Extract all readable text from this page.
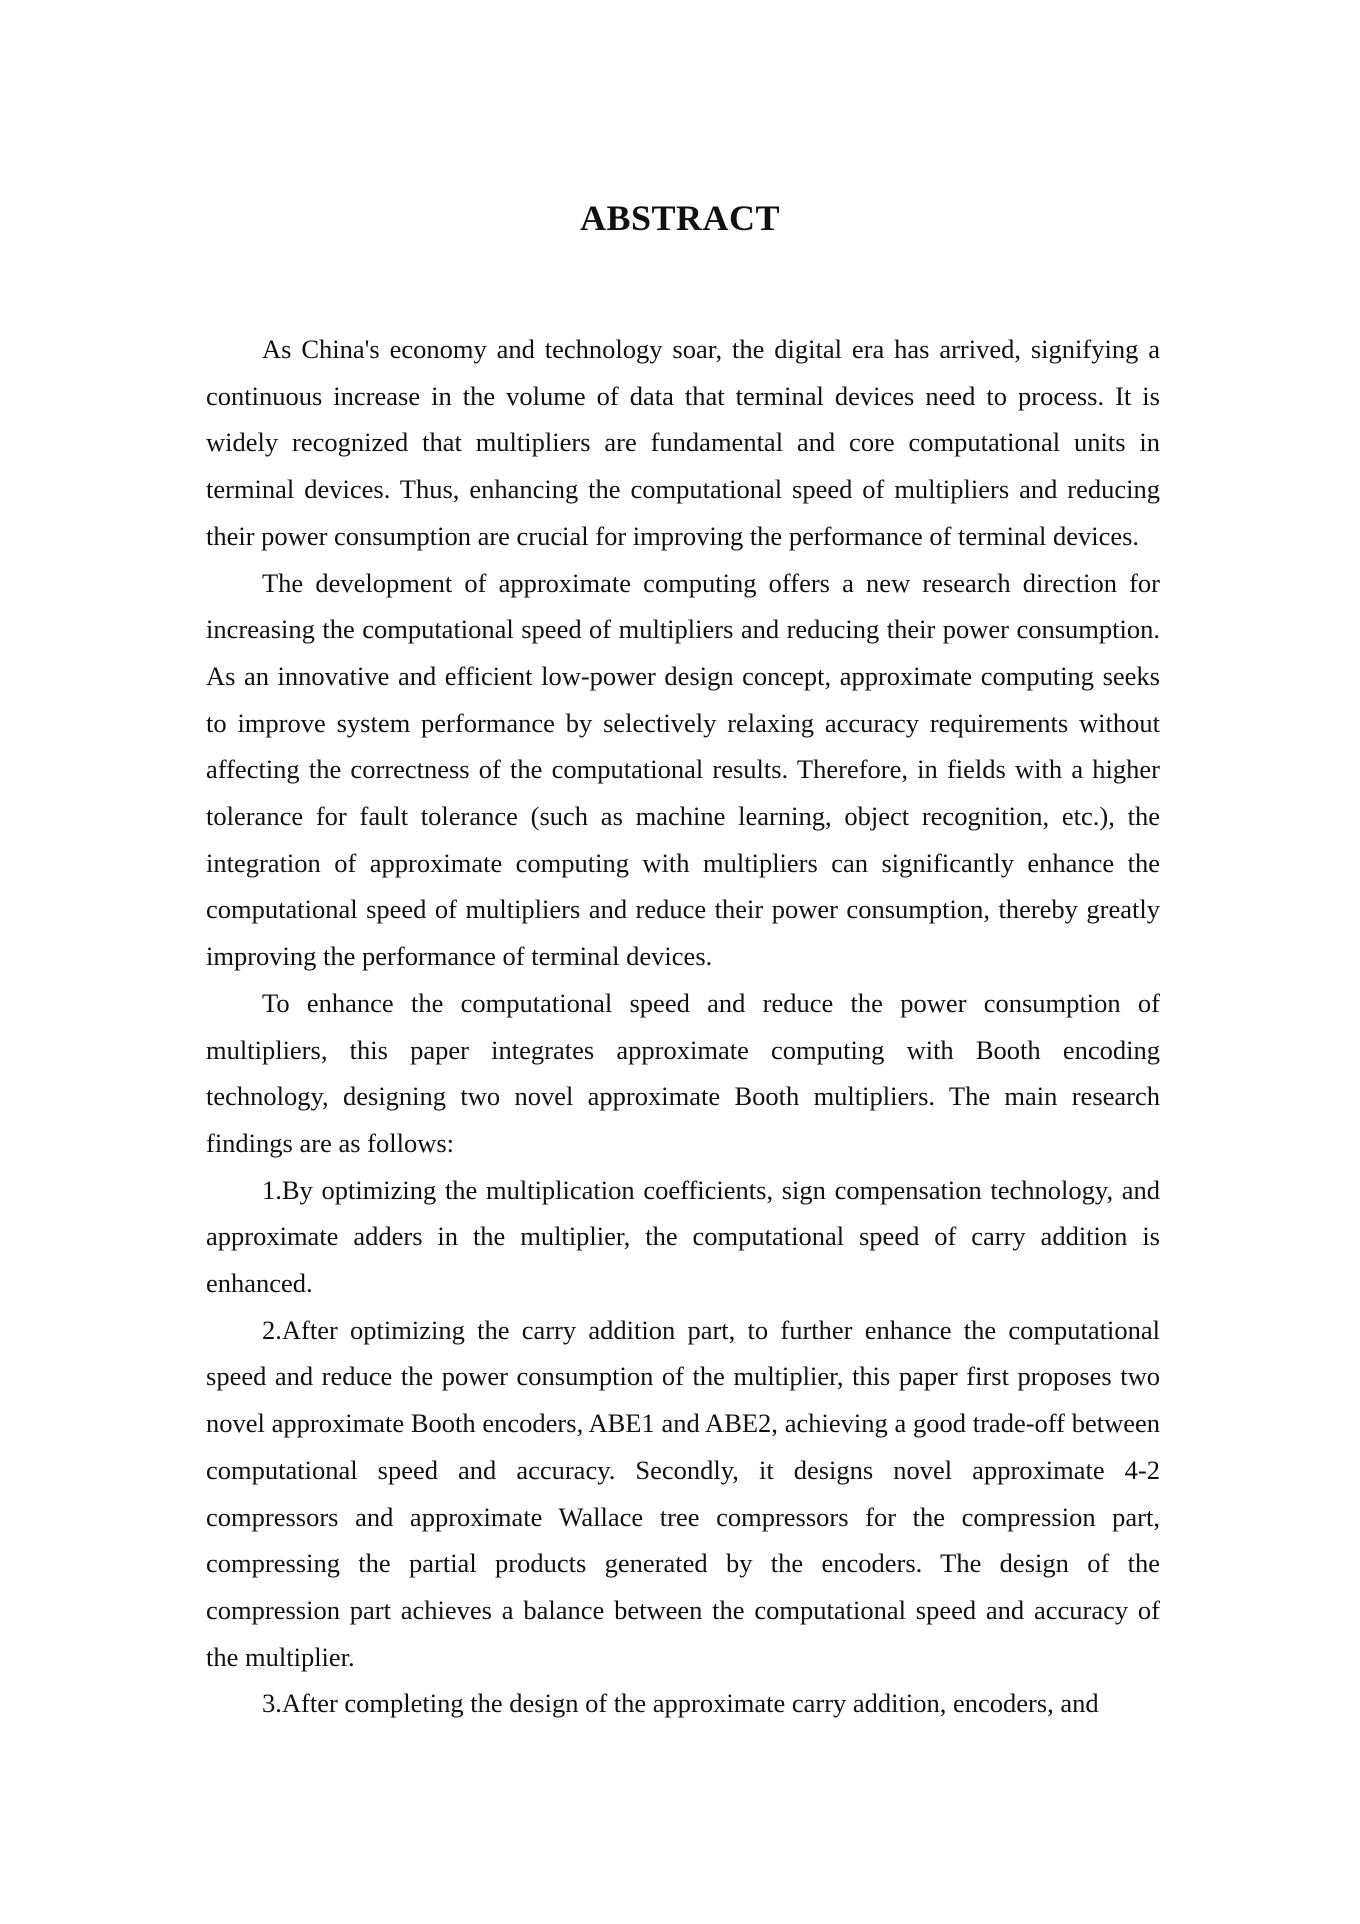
ABSTRACT

As China's economy and technology soar, the digital era has arrived, signifying a continuous increase in the volume of data that terminal devices need to process. It is widely recognized that multipliers are fundamental and core computational units in terminal devices. Thus, enhancing the computational speed of multipliers and reducing their power consumption are crucial for improving the performance of terminal devices.

The development of approximate computing offers a new research direction for increasing the computational speed of multipliers and reducing their power consumption. As an innovative and efficient low-power design concept, approximate computing seeks to improve system performance by selectively relaxing accuracy requirements without affecting the correctness of the computational results. Therefore, in fields with a higher tolerance for fault tolerance (such as machine learning, object recognition, etc.), the integration of approximate computing with multipliers can significantly enhance the computational speed of multipliers and reduce their power consumption, thereby greatly improving the performance of terminal devices.

To enhance the computational speed and reduce the power consumption of multipliers, this paper integrates approximate computing with Booth encoding technology, designing two novel approximate Booth multipliers. The main research findings are as follows:

1.By optimizing the multiplication coefficients, sign compensation technology, and approximate adders in the multiplier, the computational speed of carry addition is enhanced.

2.After optimizing the carry addition part, to further enhance the computational speed and reduce the power consumption of the multiplier, this paper first proposes two novel approximate Booth encoders, ABE1 and ABE2, achieving a good trade-off between computational speed and accuracy. Secondly, it designs novel approximate 4-2 compressors and approximate Wallace tree compressors for the compression part, compressing the partial products generated by the encoders. The design of the compression part achieves a balance between the computational speed and accuracy of the multiplier.

3.After completing the design of the approximate carry addition, encoders, and
